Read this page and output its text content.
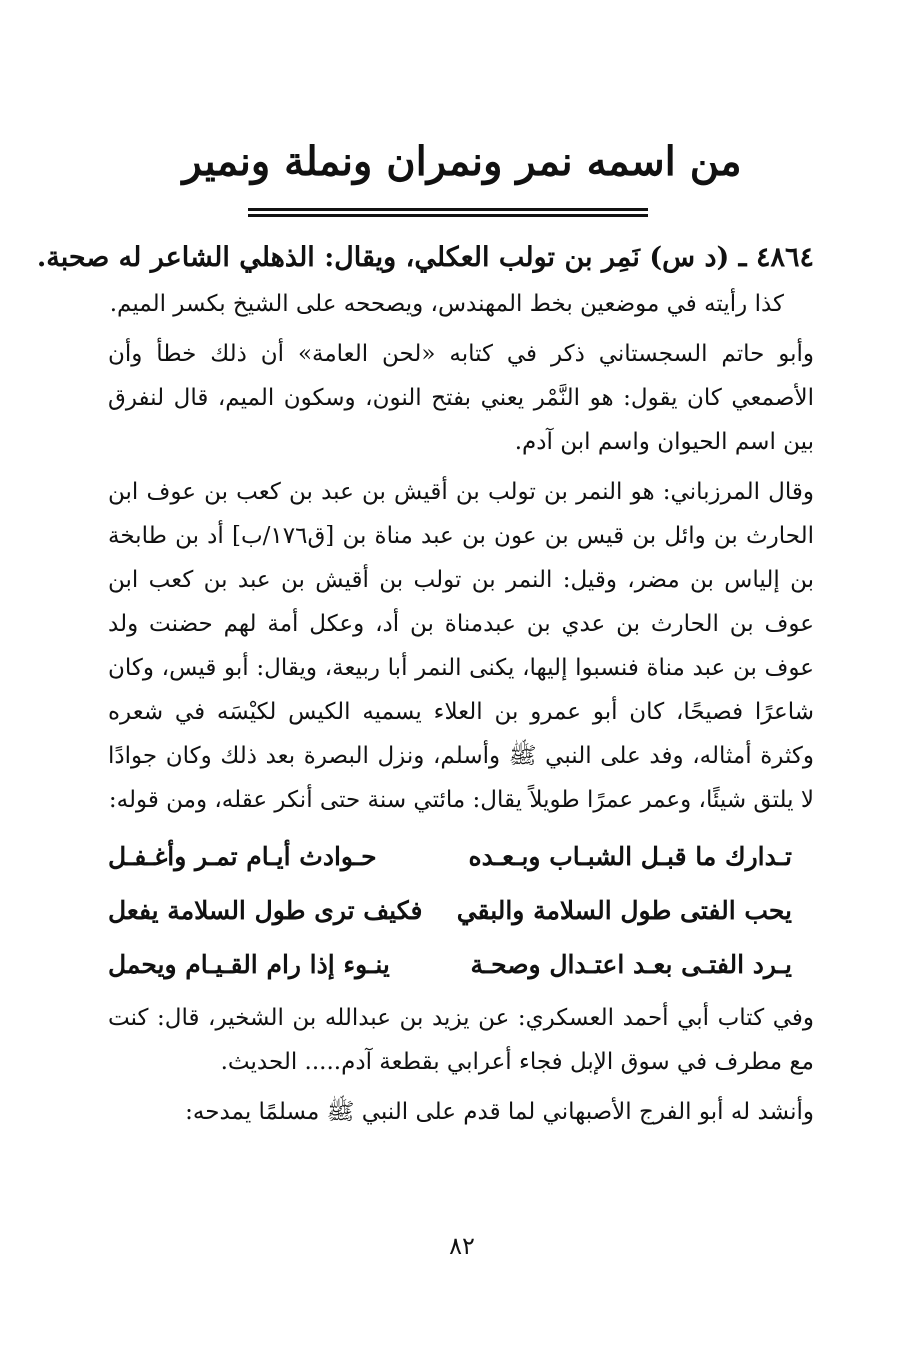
من اسمه نمر ونمران ونملة ونمير

٤٨٦٤ ـ (د س) نَمِر بن تولب العكلي، ويقال: الذهلي الشاعر له صحبة.

كذا رأيته في موضعين بخط المهندس، ويصححه على الشيخ بكسر الميم.

وأبو حاتم السجستاني ذكر في كتابه «لحن العامة» أن ذلك خطأ وأن الأصمعي كان يقول: هو النَّمْر يعني بفتح النون، وسكون الميم، قال لنفرق بين اسم الحيوان واسم ابن آدم.

وقال المرزباني: هو النمر بن تولب بن أقيش بن عبد بن كعب بن عوف ابن الحارث بن وائل بن قيس بن عون بن عبد مناة بن [ق١٧٦/ب] أد بن طابخة بن إلياس بن مضر، وقيل: النمر بن تولب بن أقيش بن عبد بن كعب ابن عوف بن الحارث بن عدي بن عبدمناة بن أد، وعكل أمة لهم حضنت ولد عوف بن عبد مناة فنسبوا إليها، يكنى النمر أبا ربيعة، ويقال: أبو قيس، وكان شاعرًا فصيحًا، كان أبو عمرو بن العلاء يسميه الكيس لكيْسَه في شعره وكثرة أمثاله، وفد على النبي ﷺ وأسلم، ونزل البصرة بعد ذلك وكان جوادًا لا يلتق شيئًا، وعمر عمرًا طويلاً يقال: مائتي سنة حتى أنكر عقله، ومن قوله:

تـدارك ما قبـل الشبـاب وبـعـده
حـوادث أيـام تمـر وأغـفـل
يحب الفتى طول السلامة والبقي
فكيف ترى طول السلامة يفعل
يـرد الفتـى بعـد اعتـدال وصحـة
ينـوء إذا رام القـيـام ويحمل

وفي كتاب أبي أحمد العسكري: عن يزيد بن عبدالله بن الشخير، قال: كنت مع مطرف في سوق الإبل فجاء أعرابي بقطعة آدم..... الحديث.

وأنشد له أبو الفرج الأصبهاني لما قدم على النبي ﷺ مسلمًا يمدحه:

٨٢
